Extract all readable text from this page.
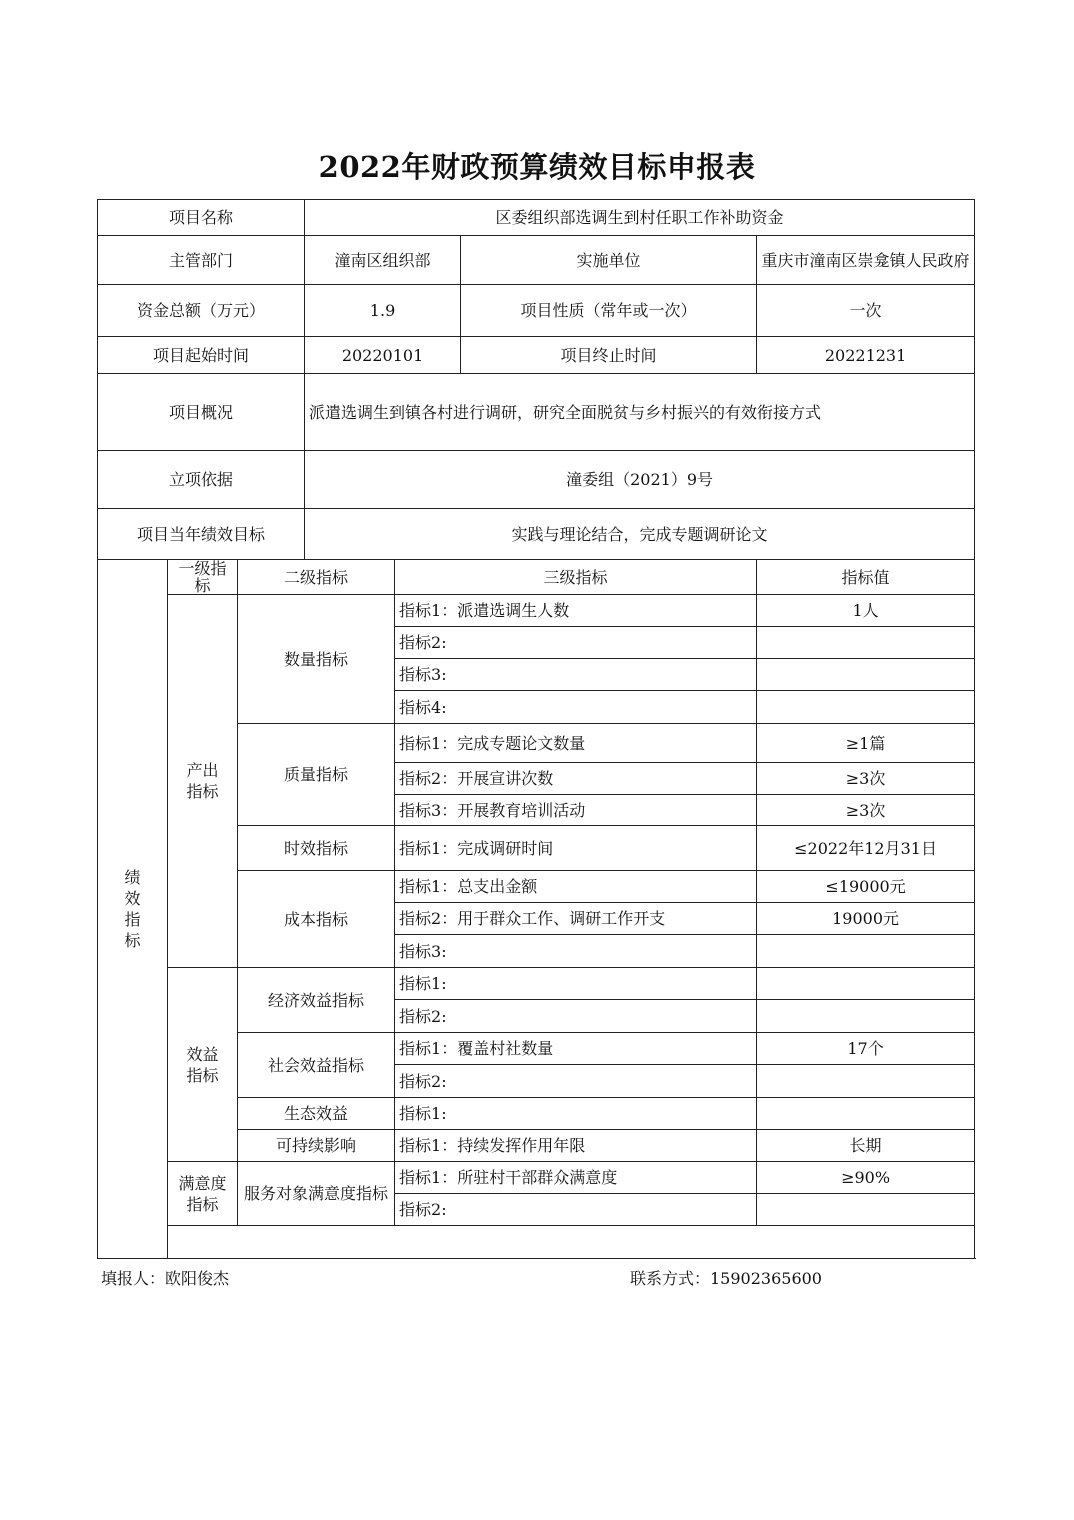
2022年财政预算绩效目标申报表
项目名称			区委组织部选调生到村任职工作补助资金			
主管部门			潼南区组织部		实施单位	重庆市潼南区崇龛镇人民政府
资金总额（万元）			1.9		项目性质（常年或一次）	一次
项目起始时间			20220101		项目终止时间	20221231
项目概况			派遣选调生到镇各村进行调研，研究全面脱贫与乡村振兴的有效衔接方式			
立项依据			潼委组（2021）9号			
项目当年绩效目标			实践与理论结合，完成专题调研论文			
绩效指标	一级指标	二级指标		三级指标		指标值
	产出指标	数量指标		指标1：派遣选调生人数		1人
				指标2:		
				指标3:		
				指标4:		
		质量指标		指标1：完成专题论文数量		≥1篇
				指标2：开展宣讲次数		≥3次
				指标3：开展教育培训活动		≥3次
		时效指标		指标1：完成调研时间		≤2022年12月31日
		成本指标		指标1：总支出金额		≤19000元
				指标2：用于群众工作、调研工作开支		19000元
				指标3:		
	效益指标	经济效益指标		指标1:		
				指标2:		
		社会效益指标		指标1：覆盖村社数量		17个
				指标2:		
		生态效益		指标1:		
		可持续影响		指标1：持续发挥作用年限		长期
	满意度指标	服务对象满意度指标		指标1：所驻村干部群众满意度		≥90%
				指标2:		

填报人：欧阳俊杰	联系方式：15902365600
